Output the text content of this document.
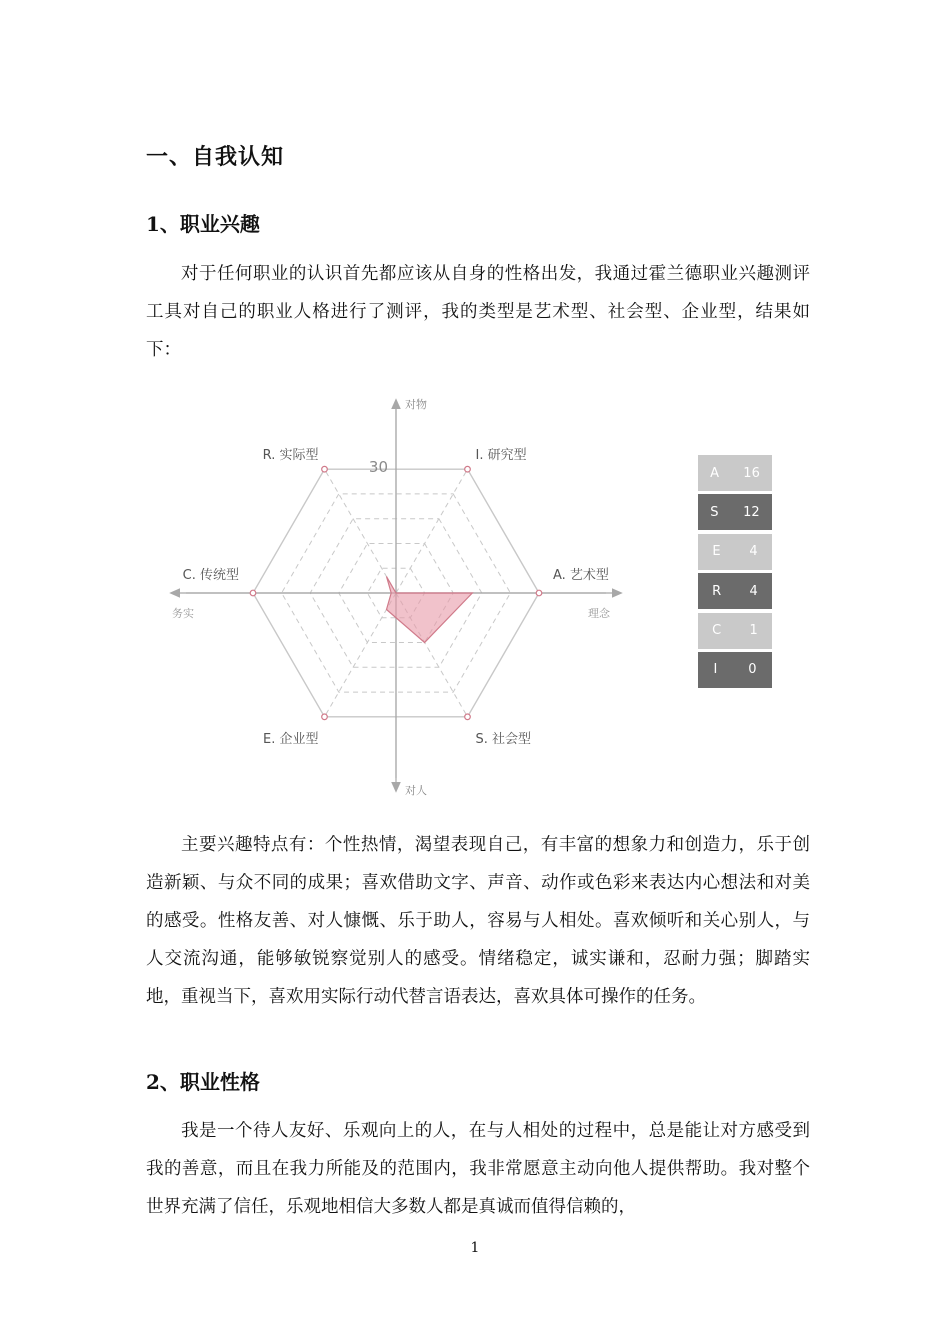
一、自我认知
1、职业兴趣

对于任何职业的认识首先都应该从自身的性格出发，我通过霍兰德职业兴趣测评工具对自己的职业人格进行了测评，我的类型是艺术型、社会型、企业型，结果如下：

I. 研究型
A. 艺术型
S. 社会型
E. 企业型
C. 传统型
R. 实际型
30
对物
对人
务实	理念
A 16
S 12
E 4
R 4
C 1
I 0

主要兴趣特点有：个性热情，渴望表现自己，有丰富的想象力和创造力，乐于创造新颖、与众不同的成果；喜欢借助文字、声音、动作或色彩来表达内心想法和对美的感受。性格友善、对人慷慨、乐于助人，容易与人相处。喜欢倾听和关心别人，与人交流沟通，能够敏锐察觉别人的感受。情绪稳定，诚实谦和，忍耐力强；脚踏实地，重视当下，喜欢用实际行动代替言语表达，喜欢具体可操作的任务。

2、职业性格

我是一个待人友好、乐观向上的人，在与人相处的过程中，总是能让对方感受到我的善意，而且在我力所能及的范围内，我非常愿意主动向他人提供帮助。我对整个世界充满了信任，乐观地相信大多数人都是真诚而值得信赖的，

1
